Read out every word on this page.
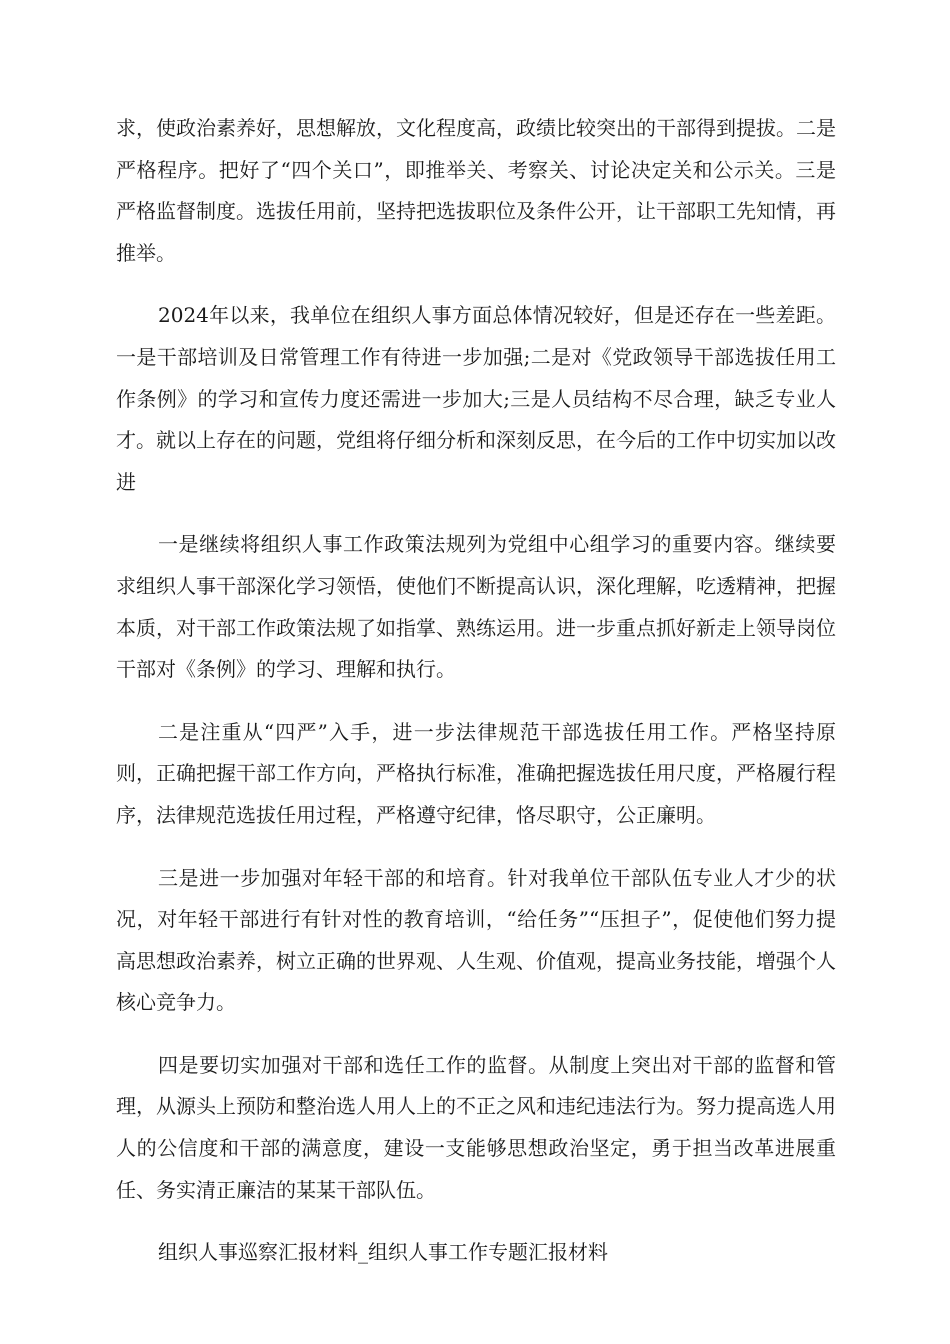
求，使政治素养好，思想解放，文化程度高，政绩比较突出的干部得到提拔。二是严格程序。把好了“四个关口”，即推举关、考察关、讨论决定关和公示关。三是严格监督制度。选拔任用前，坚持把选拔职位及条件公开，让干部职工先知情，再推举。

2024年以来，我单位在组织人事方面总体情况较好，但是还存在一些差距。一是干部培训及日常管理工作有待进一步加强;二是对《党政领导干部选拔任用工作条例》的学习和宣传力度还需进一步加大;三是人员结构不尽合理，缺乏专业人才。就以上存在的问题，党组将仔细分析和深刻反思，在今后的工作中切实加以改进

一是继续将组织人事工作政策法规列为党组中心组学习的重要内容。继续要求组织人事干部深化学习领悟，使他们不断提高认识，深化理解，吃透精神，把握本质，对干部工作政策法规了如指掌、熟练运用。进一步重点抓好新走上领导岗位干部对《条例》的学习、理解和执行。

二是注重从“四严”入手，进一步法律规范干部选拔任用工作。严格坚持原则，正确把握干部工作方向，严格执行标准，准确把握选拔任用尺度，严格履行程序，法律规范选拔任用过程，严格遵守纪律，恪尽职守，公正廉明。

三是进一步加强对年轻干部的和培育。针对我单位干部队伍专业人才少的状况，对年轻干部进行有针对性的教育培训，“给任务”“压担子”，促使他们努力提高思想政治素养，树立正确的世界观、人生观、价值观，提高业务技能，增强个人核心竞争力。

四是要切实加强对干部和选任工作的监督。从制度上突出对干部的监督和管理，从源头上预防和整治选人用人上的不正之风和违纪违法行为。努力提高选人用人的公信度和干部的满意度，建设一支能够思想政治坚定，勇于担当改革进展重任、务实清正廉洁的某某干部队伍。

组织人事巡察汇报材料_组织人事工作专题汇报材料
